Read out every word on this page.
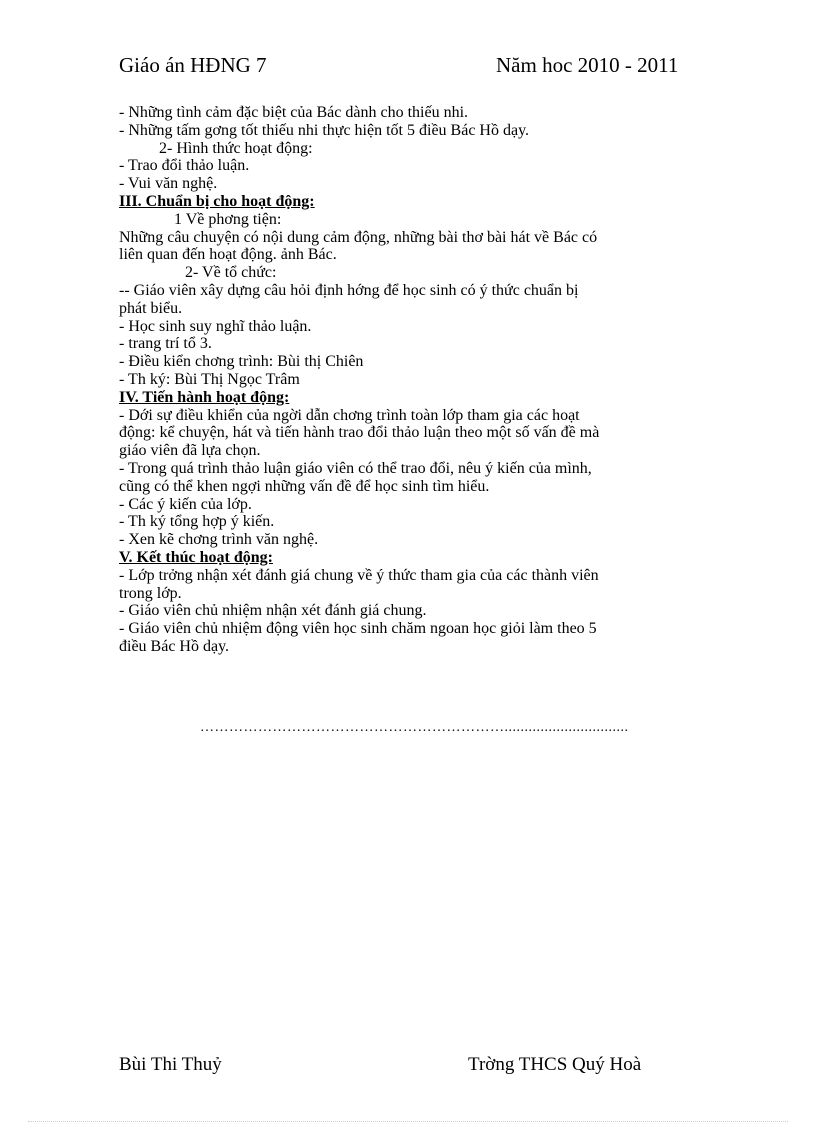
Giáo án HĐNG 7	Năm hoc 2010 - 2011
- Những tình cảm đặc biệt của Bác dành cho thiếu nhi.
- Những tấm gơng tốt thiếu nhi thực hiện tốt 5 điều Bác Hồ dạy.
2- Hình thức hoạt động:
- Trao đổi thảo luận.
- Vui văn nghệ.
III. Chuẩn bị cho hoạt động:
1 Về phơng tiện:
Những câu chuyện có nội dung cảm động, những bài thơ bài hát về Bác có
liên quan đến hoạt động. ảnh Bác.
2- Về tổ chức:
-- Giáo viên xây dựng câu hỏi định hớng để học sinh có ý thức chuẩn bị
phát biểu.
- Học sinh suy nghĩ thảo luận.
- trang trí tổ 3.
- Điều kiển chơng trình: Bùi thị Chiên
- Th ký: Bùi Thị Ngọc Trâm
IV. Tiến hành hoạt động:
- Dới sự điều khiển của ngời dẫn chơng trình toàn lớp tham gia các hoạt
động: kể chuyện, hát và tiến hành trao đổi thảo luận theo một số vấn đề mà
giáo viên đã lựa chọn.
- Trong quá trình thảo luận giáo viên có thể trao đổi, nêu ý kiến của mình,
cũng có thể khen ngợi những vấn đề để học sinh tìm hiểu.
- Các ý kiến của lớp.
- Th ký tổng hợp ý kiến.
- Xen kẽ chơng trình văn nghệ.
V. Kết thúc hoạt động:
- Lớp trởng nhận xét đánh giá chung về ý thức tham gia của các thành viên
trong lớp.
- Giáo viên chủ nhiệm nhận xét đánh giá chung.
- Giáo viên chủ nhiệm động viên học sinh chăm ngoan học giỏi làm theo 5
điều Bác Hồ dạy.
………………………………………………………...............................
Bùi Thi Thuỷ	Trờng THCS Quý Hoà
